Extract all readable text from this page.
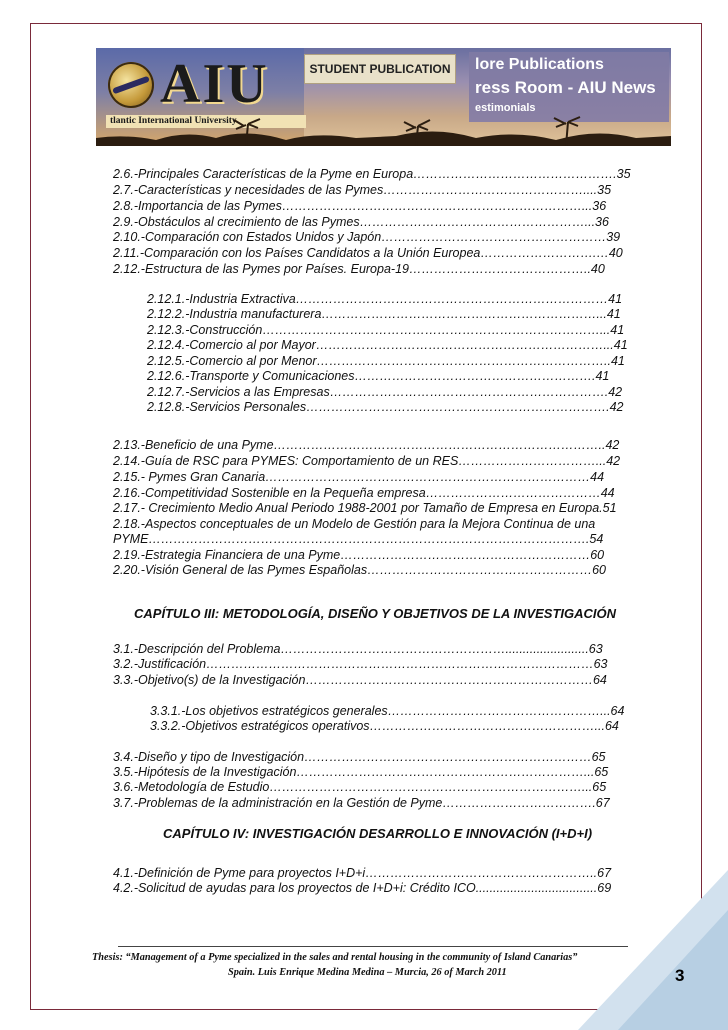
AIU
tlantic International University
STUDENT PUBLICATION	lore Publications
ress Room - AIU News
estimonials
2.6.-Principales Características de la Pyme en Europa………………………………………….35
2.7.-Características y necesidades de las Pymes…………………………………………....35
2.8.-Importancia de las Pymes………………………………………………………………...36
2.9.-Obstáculos al crecimiento de las Pymes………………………………………………...36
2.10.-Comparación con Estados Unidos y Japón………………………………………………39
2.11.-Comparación con los Países Candidatos a la Unión Europea……………………….…40
2.12.-Estructura de las Pymes por Países. Europa-19……………………………………..40
2.12.1.-Industria Extractiva…………………………………………………………………41
2.12.2.-Industria manufacturera…………………………………………………………...41
2.12.3.-Construcción………………………………………………………………………...41
2.12.4.-Comercio al por Mayor……………………………………………………………...41
2.12.5.-Comercio al por Menor……………………………………………………………..41
2.12.6.-Transporte y Comunicaciones………………………………………………….41
2.12.7.-Servicios a las Empresas………………………………………………………….42
2.12.8.-Servicios Personales……………………………………………………………….42
2.13.-Beneficio de una Pyme……………………………………………………………………..42
2.14.-Guía de RSC para PYMES: Comportamiento de un RES……………………………...42
2.15.- Pymes Gran Canaria……………………………………………………………………44
2.16.-Competitividad Sostenible en la Pequeña empresa……………………………………44
2.17.- Crecimiento Medio Anual Periodo 1988-2001 por Tamaño de Empresa en Europa.51
2.18.-Aspectos conceptuales de un Modelo de Gestión para la Mejora Continua de una
PYME…………………………………………………………………………………………….54
2.19.-Estrategia Financiera de una Pyme……………………………………………………60
2.20.-Visión General de las Pymes Españolas………………………………………………60
CAPÍTULO III: METODOLOGÍA, DISEÑO Y OBJETIVOS DE LA INVESTIGACIÓN
3.1.-Descripción del Problema………………………………………………........................63
3.2.-Justificación…………………………………………………………………………………63
3.3.-Objetivo(s) de la Investigación……………………………………………………………64
3.3.1.-Los objetivos estratégicos generales……………………………………………...64
3.3.2.-Objetivos estratégicos operativos………………………………………………...64
3.4.-Diseño y tipo de Investigación……………………………………………………………65
3.5.-Hipótesis de la Investigación……………………………………………………………...65
3.6.-Metodología de Estudio…………………………………………………………………...65
3.7.-Problemas de la administración en la Gestión de Pyme……………………………….67
CAPÍTULO IV: INVESTIGACIÓN DESARROLLO E INNOVACIÓN (I+D+I)
4.1.-Definición de Pyme para proyectos I+D+i………………………………………………..67
4.2.-Solicitud de ayudas para los proyectos de I+D+i: Crédito ICO...................................69
Thesis: “Management of a Pyme specialized in the sales and rental housing in the community of Island Canarias”
Spain. Luis Enrique Medina Medina – Murcia, 26 of March 2011	3
